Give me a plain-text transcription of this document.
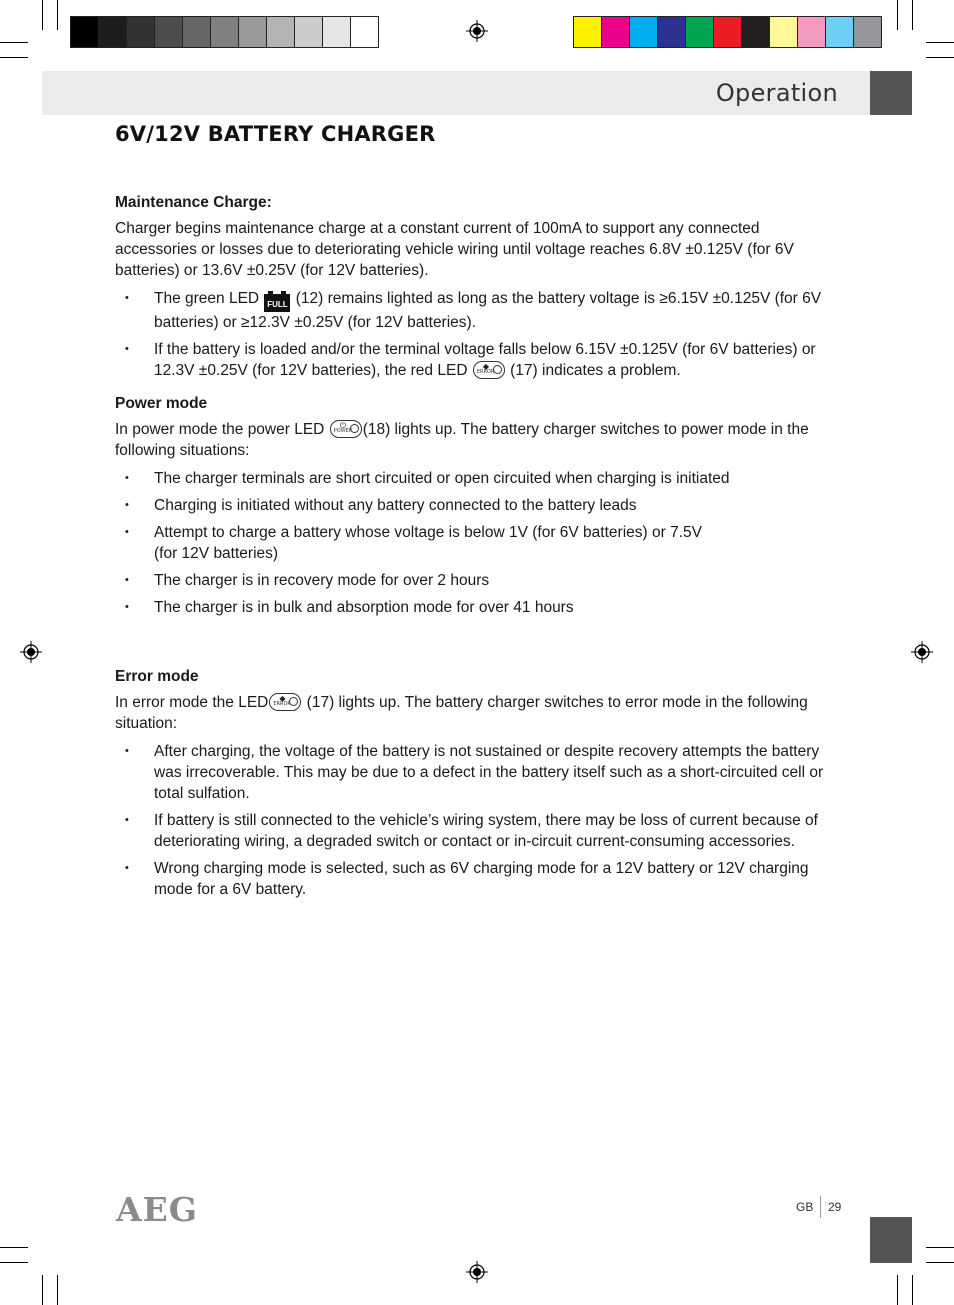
Operation
6V/12V BATTERY CHARGER
Maintenance Charge:
Charger begins maintenance charge at a constant current of 100mA to support any connected accessories or losses due to deteriorating vehicle wiring until voltage reaches 6.8V ±0.125V (for 6V batteries) or 13.6V ±0.25V (for 12V batteries).
• The green LED FULL (12) remains lighted as long as the battery voltage is ≥6.15V ±0.125V (for 6V batteries) or ≥12.3V ±0.25V (for 12V batteries).
• If the battery is loaded and/or the terminal voltage falls below 6.15V ±0.125V (for 6V batteries) or 12.3V ±0.25V (for 12V batteries), the red LED ◆
ERROR (17) indicates a problem.
Power mode
In power mode the power LED ⏻
POWER (18) lights up. The battery charger switches to power mode in the following situations:
• The charger terminals are short circuited or open circuited when charging is initiated
• Charging is initiated without any battery connected to the battery leads
• Attempt to charge a battery whose voltage is below 1V (for 6V batteries) or 7.5V
(for 12V batteries)
• The charger is in recovery mode for over 2 hours
• The charger is in bulk and absorption mode for over 41 hours
Error mode
In error mode the LED ◆
ERROR (17) lights up. The battery charger switches to error mode in the following situation:
• After charging, the voltage of the battery is not sustained or despite recovery attempts the battery was irrecoverable. This may be due to a defect in the battery itself such as a short-circuited cell or total sulfation.
• If battery is still connected to the vehicle’s wiring system, there may be loss of current because of deteriorating wiring, a degraded switch or contact or in-circuit current-consuming accessories.
• Wrong charging mode is selected, such as 6V charging mode for a 12V battery or 12V charging mode for a 6V battery.
AEG	GB 29
